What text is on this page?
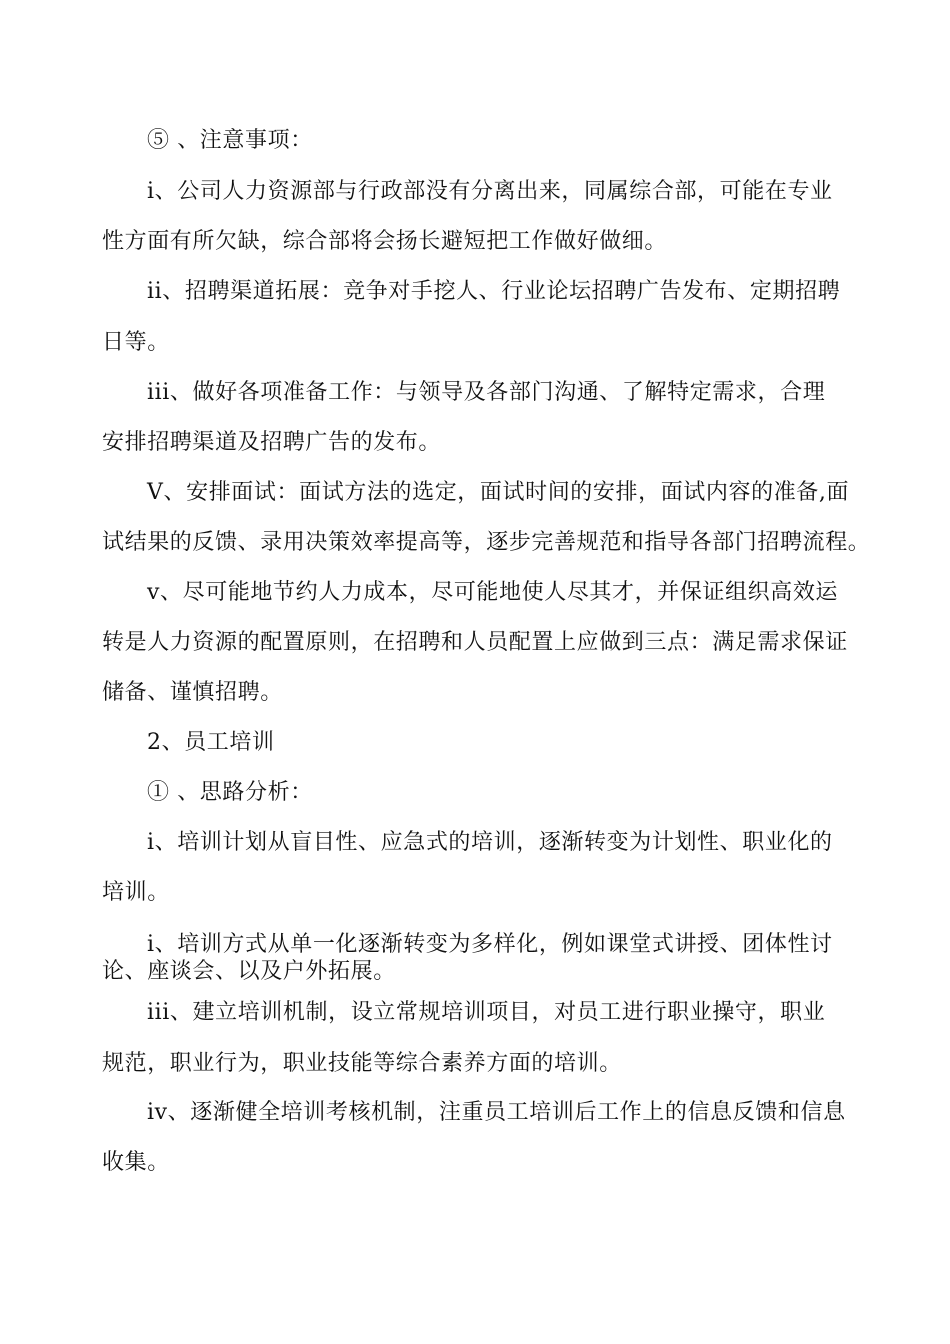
⑤ 、注意事项：
i、公司人力资源部与行政部没有分离出来，同属综合部，可能在专业
性方面有所欠缺，综合部将会扬长避短把工作做好做细。
ii、招聘渠道拓展：竞争对手挖人、行业论坛招聘广告发布、定期招聘
日等。
iii、做好各项准备工作：与领导及各部门沟通、了解特定需求，合理
安排招聘渠道及招聘广告的发布。
V、安排面试：面试方法的选定，面试时间的安排，面试内容的准备,面
试结果的反馈、录用决策效率提高等，逐步完善规范和指导各部门招聘流程。
v、尽可能地节约人力成本，尽可能地使人尽其才，并保证组织高效运
转是人力资源的配置原则，在招聘和人员配置上应做到三点：满足需求保证
储备、谨慎招聘。
2、员工培训
① 、思路分析：
i、培训计划从盲目性、应急式的培训，逐渐转变为计划性、职业化的
培训。
i、培训方式从单一化逐渐转变为多样化，例如课堂式讲授、团体性讨
论、座谈会、以及户外拓展。
iii、建立培训机制，设立常规培训项目，对员工进行职业操守，职业
规范，职业行为，职业技能等综合素养方面的培训。
iv、逐渐健全培训考核机制，注重员工培训后工作上的信息反馈和信息
收集。
